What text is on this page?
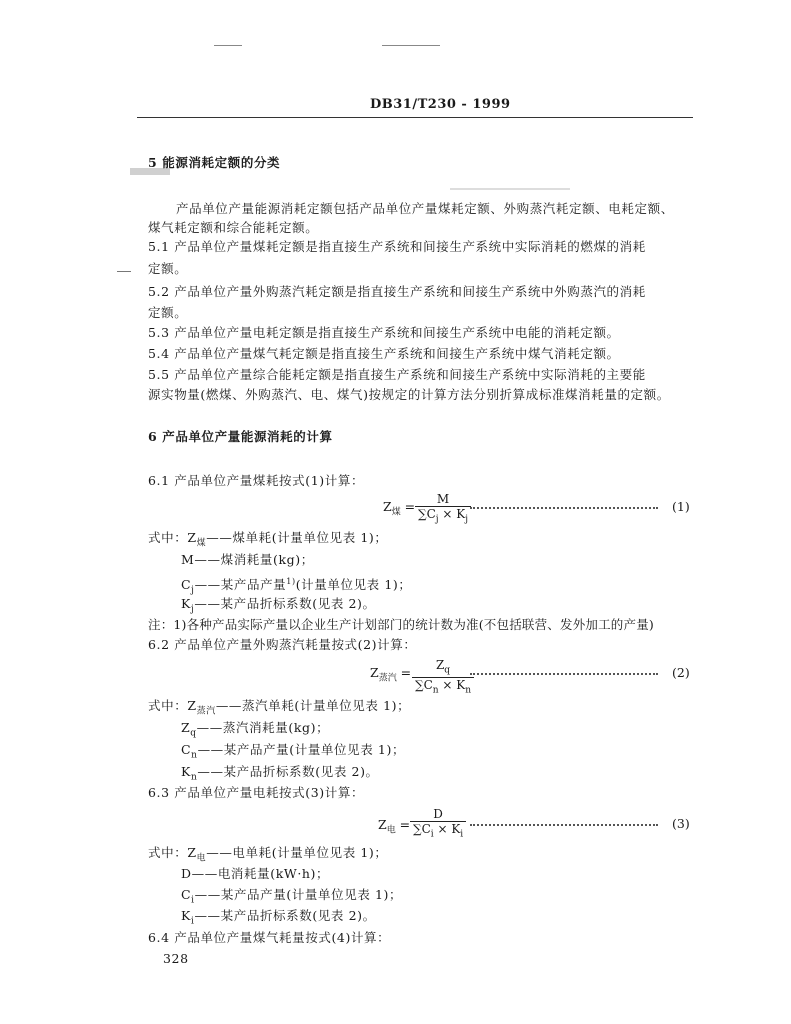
DB31/T230 - 1999
5 能源消耗定额的分类
产品单位产量能源消耗定额包括产品单位产量煤耗定额、外购蒸汽耗定额、电耗定额、
煤气耗定额和综合能耗定额。
5.1 产品单位产量煤耗定额是指直接生产系统和间接生产系统中实际消耗的燃煤的消耗
定额。
5.2 产品单位产量外购蒸汽耗定额是指直接生产系统和间接生产系统中外购蒸汽的消耗
定额。
5.3 产品单位产量电耗定额是指直接生产系统和间接生产系统中电能的消耗定额。
5.4 产品单位产量煤气耗定额是指直接生产系统和间接生产系统中煤气消耗定额。
5.5 产品单位产量综合能耗定额是指直接生产系统和间接生产系统中实际消耗的主要能
源实物量(燃煤、外购蒸汽、电、煤气)按规定的计算方法分别折算成标准煤消耗量的定额。
6 产品单位产量能源消耗的计算
6.1 产品单位产量煤耗按式(1)计算：
$Z_煤 = \frac{M}{\sum C_j \times K_j}$	(1)
式中：$Z_煤——$煤单耗(计量单位见表 1)；
M——煤消耗量(kg)；
$C_j——$某产品产量$^{1)}$(计量单位见表 1)；
$K_j——$某产品折标系数(见表 2)。
注：1)各种产品实际产量以企业生产计划部门的统计数为准(不包括联营、发外加工的产量)
6.2 产品单位产量外购蒸汽耗量按式(2)计算：
$Z_{蒸汽} = \frac{Z_q}{\sum C_n \times K_n}$	(2)
式中：$Z_{蒸汽}——$蒸汽单耗(计量单位见表 1)；
$Z_q——$蒸汽消耗量(kg)；
$C_n——$某产品产量(计量单位见表 1)；
$K_n——$某产品折标系数(见表 2)。
6.3 产品单位产量电耗按式(3)计算：
$Z_电 = \frac{D}{\sum C_i \times K_i}$	(3)
式中：$Z_电——$电单耗(计量单位见表 1)；
D——电消耗量(kW·h)；
$C_i——$某产品产量(计量单位见表 1)；
$K_i——$某产品折标系数(见表 2)。
6.4 产品单位产量煤气耗量按式(4)计算：
328
